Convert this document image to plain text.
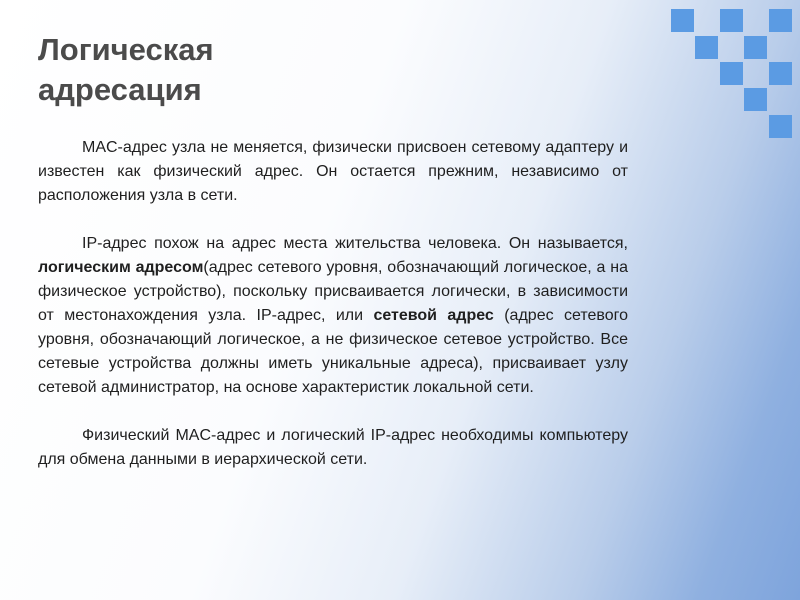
Логическая
адресация

MAC-адрес узла не меняется, физически присвоен сетевому адаптеру и известен как физический адрес. Он остается прежним, независимо от расположения узла в сети.

IP-адрес похож на адрес места жительства человека. Он называется, логическим адресом(адрес сетевого уровня, обозначающий логическое, а на физическое устройство), поскольку присваивается логически, в зависимости от местонахождения узла. IP-адрес, или сетевой адрес (адрес сетевого уровня, обозначающий логическое, а не физическое сетевое устройство. Все сетевые устройства должны иметь уникальные адреса), присваивает узлу сетевой администратор, на основе характеристик локальной сети.

Физический MAC-адрес и логический IP-адрес необходимы компьютеру для обмена данными в иерархической сети.
